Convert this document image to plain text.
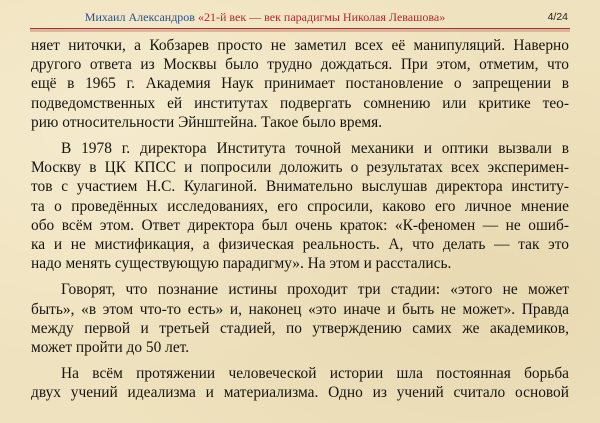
Михаил Александров «21-й век — век парадигмы Николая Левашова»	4/24

няет ниточки, а Кобзарев просто не заметил всех её манипуляций. Наверно
другого ответа из Москвы было трудно дождаться. При этом, отметим, что
ещё в 1965 г. Академия Наук принимает постановление о запрещении в
подведомственных ей институтах подвергать сомнению или критике тео-
рию относительности Эйнштейна. Такое было время.

В 1978 г. директора Института точной механики и оптики вызвали в
Москву в ЦК КПСС и попросили доложить о результатах всех эксперимен-
тов с участием Н.С. Кулагиной. Внимательно выслушав директора институ-
та о проведённых исследованиях, его спросили, каково его личное мнение
обо всём этом. Ответ директора был очень краток: «К-феномен — не ошиб-
ка и не мистификация, а физическая реальность. А, что делать — так это
надо менять существующую парадигму». На этом и расстались.

Говорят, что познание истины проходит три стадии: «этого не может
быть», «в этом что-то есть» и, наконец «это иначе и быть не может». Правда
между первой и третьей стадией, по утверждению самих же академиков,
может пройти до 50 лет.

На всём протяжении человеческой истории шла постоянная борьба
двух учений идеализма и материализма. Одно из учений считало основой
